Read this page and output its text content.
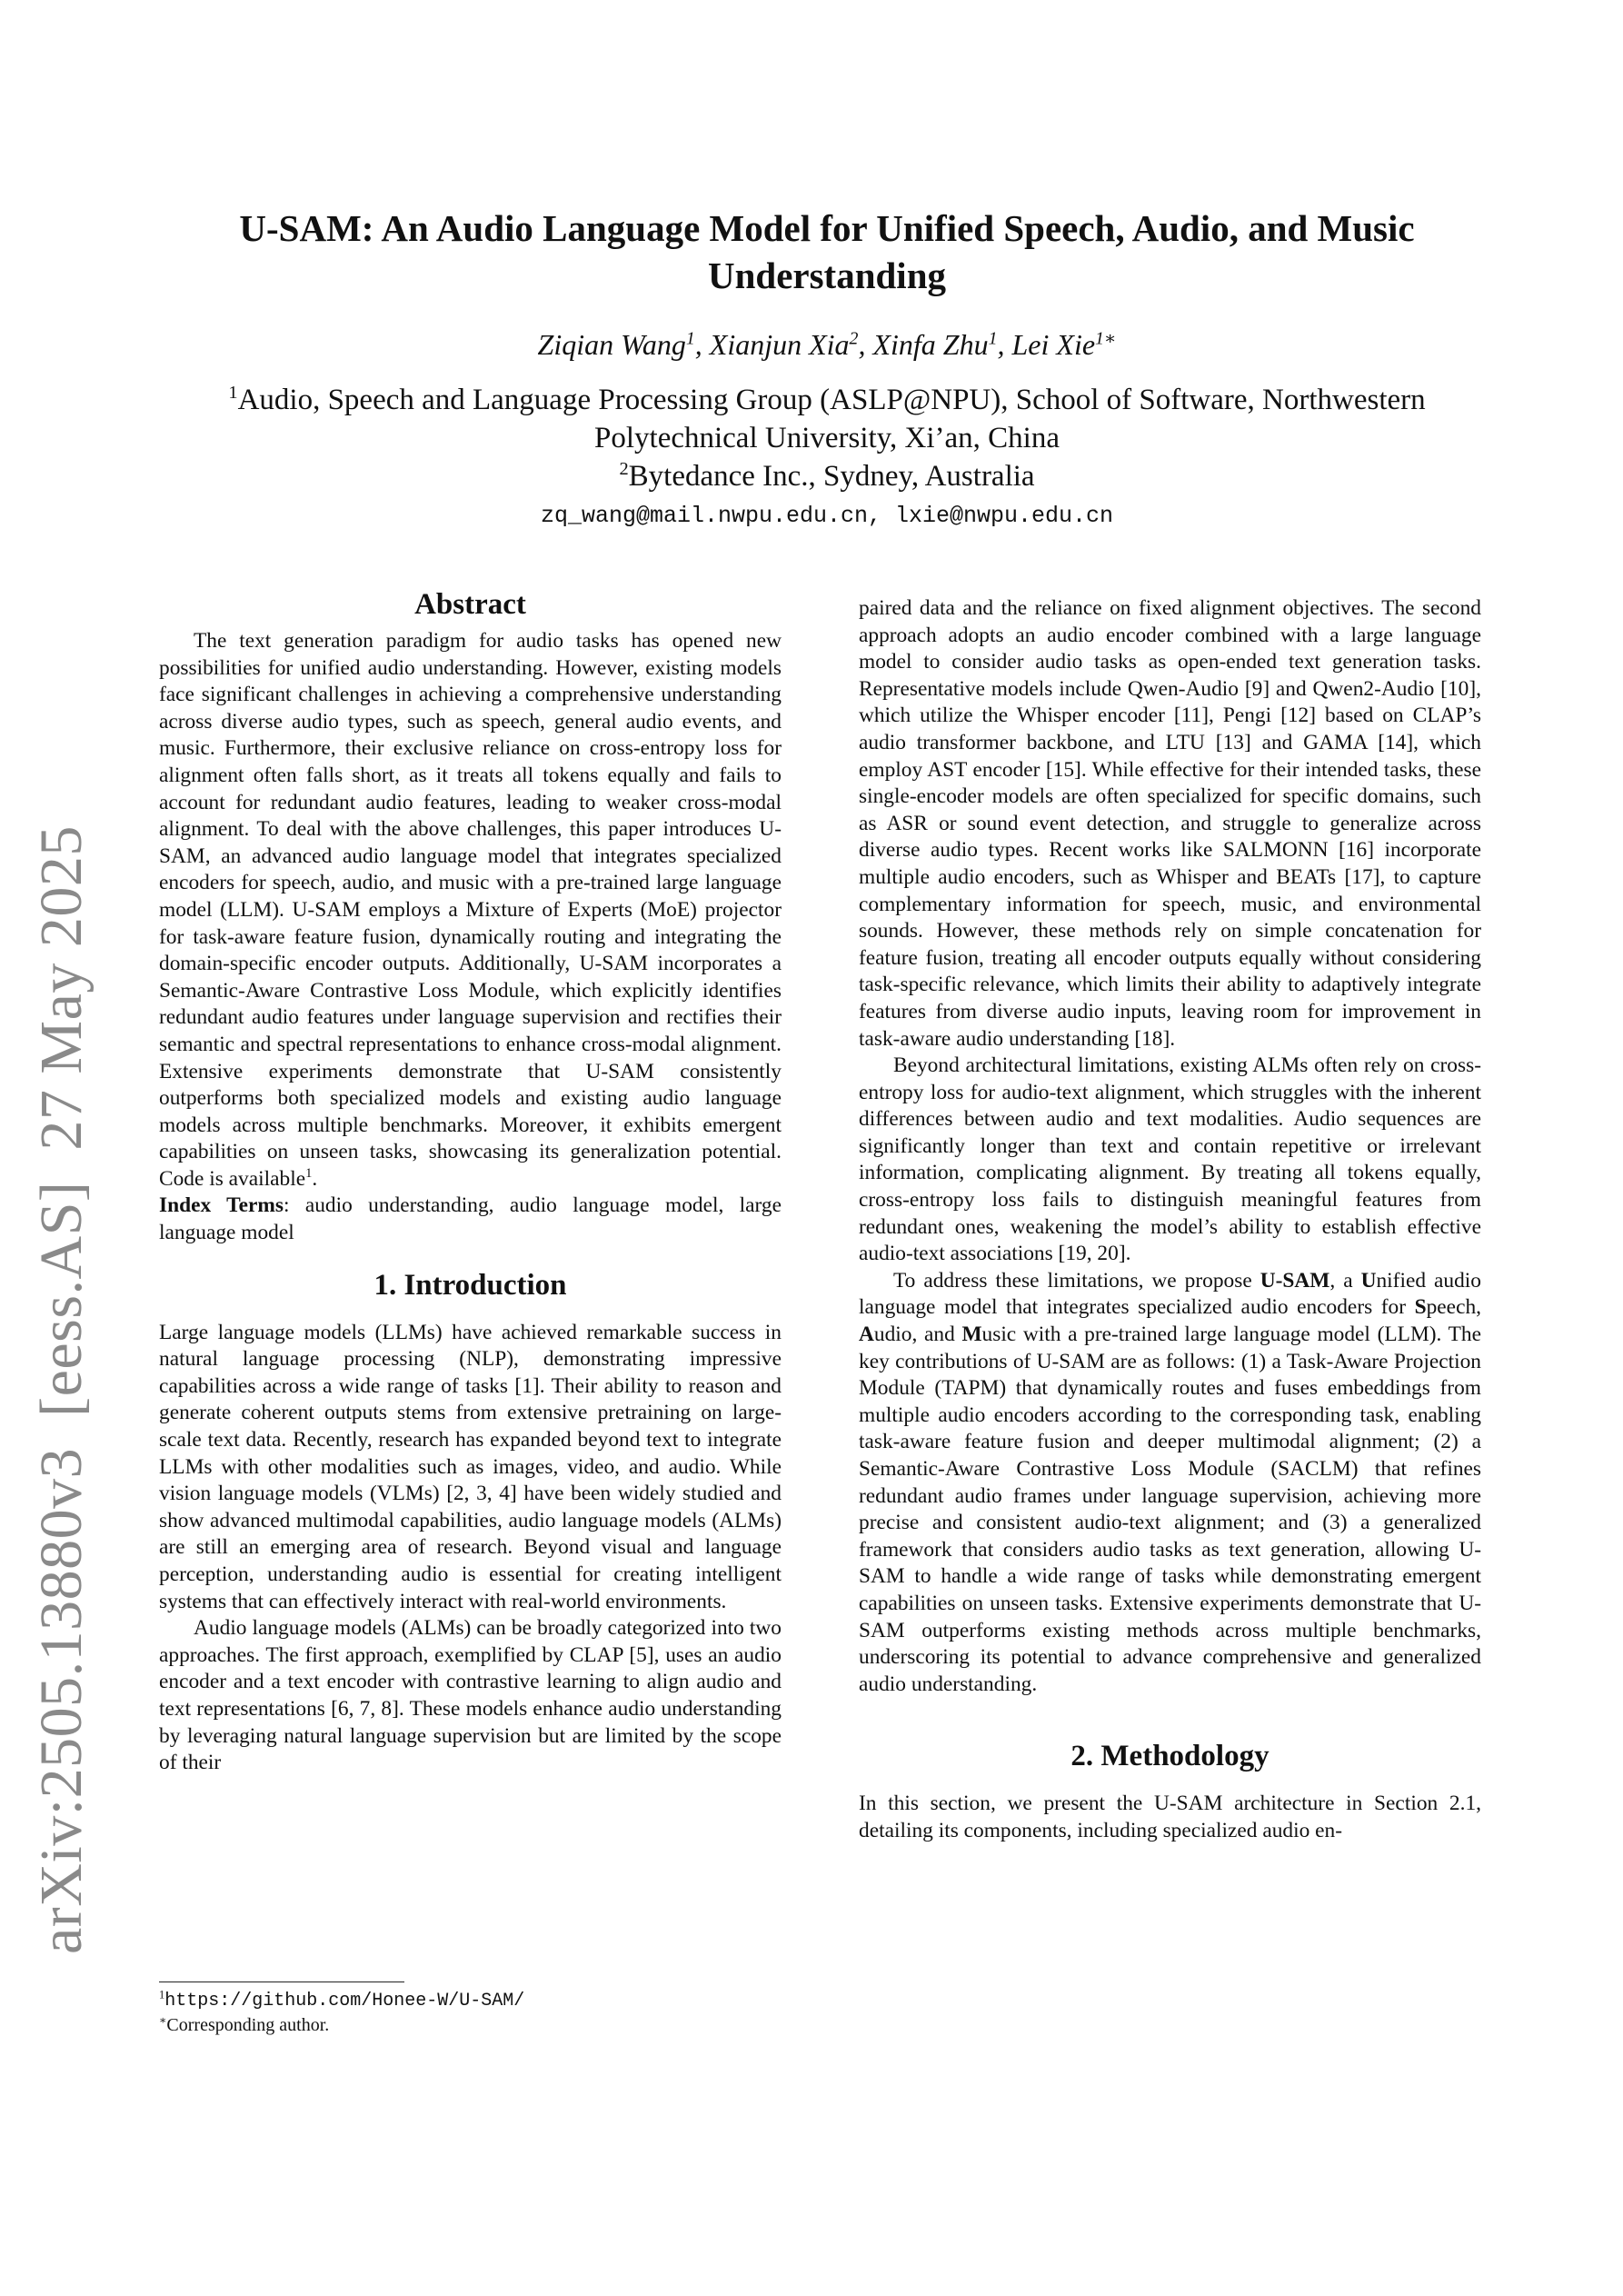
arXiv:2505.13880v3  [eess.AS]  27 May 2025
U-SAM: An Audio Language Model for Unified Speech, Audio, and Music
Understanding
Ziqian Wang$^1$, Xianjun Xia$^2$, Xinfa Zhu$^1$, Lei Xie$^{1∗}$
$^1$Audio, Speech and Language Processing Group (ASLP@NPU), School of Software, Northwestern
Polytechnical University, Xi’an, China
$^2$Bytedance Inc., Sydney, Australia
zq_wang@mail.nwpu.edu.cn, lxie@nwpu.edu.cn
Abstract

The text generation paradigm for audio tasks has opened new possibilities for unified audio understanding. However, existing models face significant challenges in achieving a comprehensive understanding across diverse audio types, such as speech, general audio events, and music. Furthermore, their exclusive reliance on cross-entropy loss for alignment often falls short, as it treats all tokens equally and fails to account for redundant audio features, leading to weaker cross-modal alignment. To deal with the above challenges, this paper introduces U-SAM, an advanced audio language model that integrates specialized encoders for speech, audio, and music with a pre-trained large language model (LLM). U-SAM employs a Mixture of Experts (MoE) projector for task-aware feature fusion, dynamically routing and integrating the domain-specific encoder outputs. Additionally, U-SAM incorporates a Semantic-Aware Contrastive Loss Module, which explicitly identifies redundant audio features under language supervision and rectifies their semantic and spectral representations to enhance cross-modal alignment. Extensive experiments demonstrate that U-SAM consistently outperforms both specialized models and existing audio language models across multiple benchmarks. Moreover, it exhibits emergent capabilities on unseen tasks, showcasing its generalization potential. Code is available$^1$.

Index Terms: audio understanding, audio language model, large language model

1. Introduction

Large language models (LLMs) have achieved remarkable success in natural language processing (NLP), demonstrating impressive capabilities across a wide range of tasks [1]. Their ability to reason and generate coherent outputs stems from extensive pretraining on large-scale text data. Recently, research has expanded beyond text to integrate LLMs with other modalities such as images, video, and audio. While vision language models (VLMs) [2, 3, 4] have been widely studied and show advanced multimodal capabilities, audio language models (ALMs) are still an emerging area of research. Beyond visual and language perception, understanding audio is essential for creating intelligent systems that can effectively interact with real-world environments.

Audio language models (ALMs) can be broadly categorized into two approaches. The first approach, exemplified by CLAP [5], uses an audio encoder and a text encoder with contrastive learning to align audio and text representations [6, 7, 8]. These models enhance audio understanding by leveraging natural language supervision but are limited by the scope of their

$^1$https://github.com/Honee-W/U-SAM/
∗Corresponding author.

paired data and the reliance on fixed alignment objectives. The second approach adopts an audio encoder combined with a large language model to consider audio tasks as open-ended text generation tasks. Representative models include Qwen-Audio [9] and Qwen2-Audio [10], which utilize the Whisper encoder [11], Pengi [12] based on CLAP’s audio transformer backbone, and LTU [13] and GAMA [14], which employ AST encoder [15]. While effective for their intended tasks, these single-encoder models are often specialized for specific domains, such as ASR or sound event detection, and struggle to generalize across diverse audio types. Recent works like SALMONN [16] incorporate multiple audio encoders, such as Whisper and BEATs [17], to capture complementary information for speech, music, and environmental sounds. However, these methods rely on simple concatenation for feature fusion, treating all encoder outputs equally without considering task-specific relevance, which limits their ability to adaptively integrate features from diverse audio inputs, leaving room for improvement in task-aware audio understanding [18].

Beyond architectural limitations, existing ALMs often rely on cross-entropy loss for audio-text alignment, which struggles with the inherent differences between audio and text modalities. Audio sequences are significantly longer than text and contain repetitive or irrelevant information, complicating alignment. By treating all tokens equally, cross-entropy loss fails to distinguish meaningful features from redundant ones, weakening the model’s ability to establish effective audio-text associations [19, 20].

To address these limitations, we propose U-SAM, a Unified audio language model that integrates specialized audio encoders for Speech, Audio, and Music with a pre-trained large language model (LLM). The key contributions of U-SAM are as follows: (1) a Task-Aware Projection Module (TAPM) that dynamically routes and fuses embeddings from multiple audio encoders according to the corresponding task, enabling task-aware feature fusion and deeper multimodal alignment; (2) a Semantic-Aware Contrastive Loss Module (SACLM) that refines redundant audio frames under language supervision, achieving more precise and consistent audio-text alignment; and (3) a generalized framework that considers audio tasks as text generation, allowing U-SAM to handle a wide range of tasks while demonstrating emergent capabilities on unseen tasks. Extensive experiments demonstrate that U-SAM outperforms existing methods across multiple benchmarks, underscoring its potential to advance comprehensive and generalized audio understanding.

2. Methodology

In this section, we present the U-SAM architecture in Section 2.1, detailing its components, including specialized audio en-
